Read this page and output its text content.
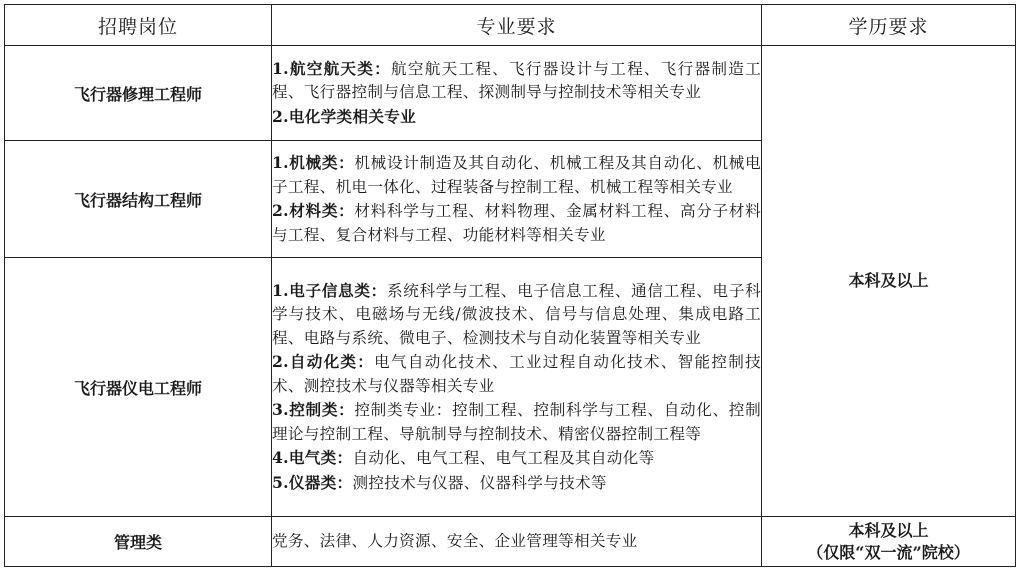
招聘岗位	专业要求	学历要求
飞行器修理工程师	1.航空航天类：航空航天工程、飞行器设计与工程、飞行器制造工程、飞行器控制与信息工程、探测制导与控制技术等相关专业
2.电化学类相关专业	本科及以上
飞行器结构工程师	1.机械类：机械设计制造及其自动化、机械工程及其自动化、机械电子工程、机电一体化、过程装备与控制工程、机械工程等相关专业
2.材料类：材料科学与工程、材料物理、金属材料工程、高分子材料与工程、复合材料与工程、功能材料等相关专业	

飞行器仪电工程师	1.电子信息类：系统科学与工程、电子信息工程、通信工程、电子科学与技术、电磁场与无线/微波技术、信号与信息处理、集成电路工程、电路与系统、微电子、检测技术与自动化装置等相关专业
2.自动化类：电气自动化技术、工业过程自动化技术、智能控制技术、测控技术与仪器等相关专业
3.控制类：控制类专业：控制工程、控制科学与工程、自动化、控制理论与控制工程、导航制导与控制技术、精密仪器控制工程等
4.电气类：自动化、电气工程、电气工程及其自动化等
5.仪器类：测控技术与仪器、仪器科学与技术等	

管理类	党务、法律、人力资源、安全、企业管理等相关专业	本科及以上
（仅限“双一流”院校）
